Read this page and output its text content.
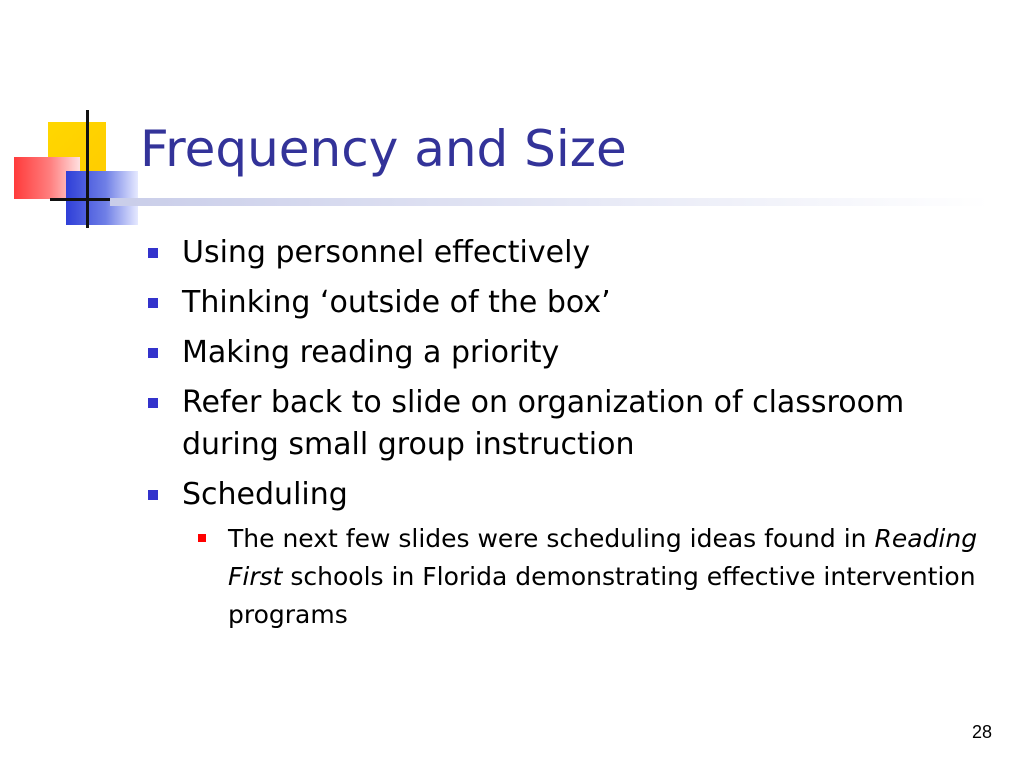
Frequency and Size
Using personnel effectively
Thinking ‘outside of the box’
Making reading a priority
Refer back to slide on organization of classroom during small group instruction
Scheduling
The next few slides were scheduling ideas found in Reading First schools in Florida demonstrating effective intervention programs
28
